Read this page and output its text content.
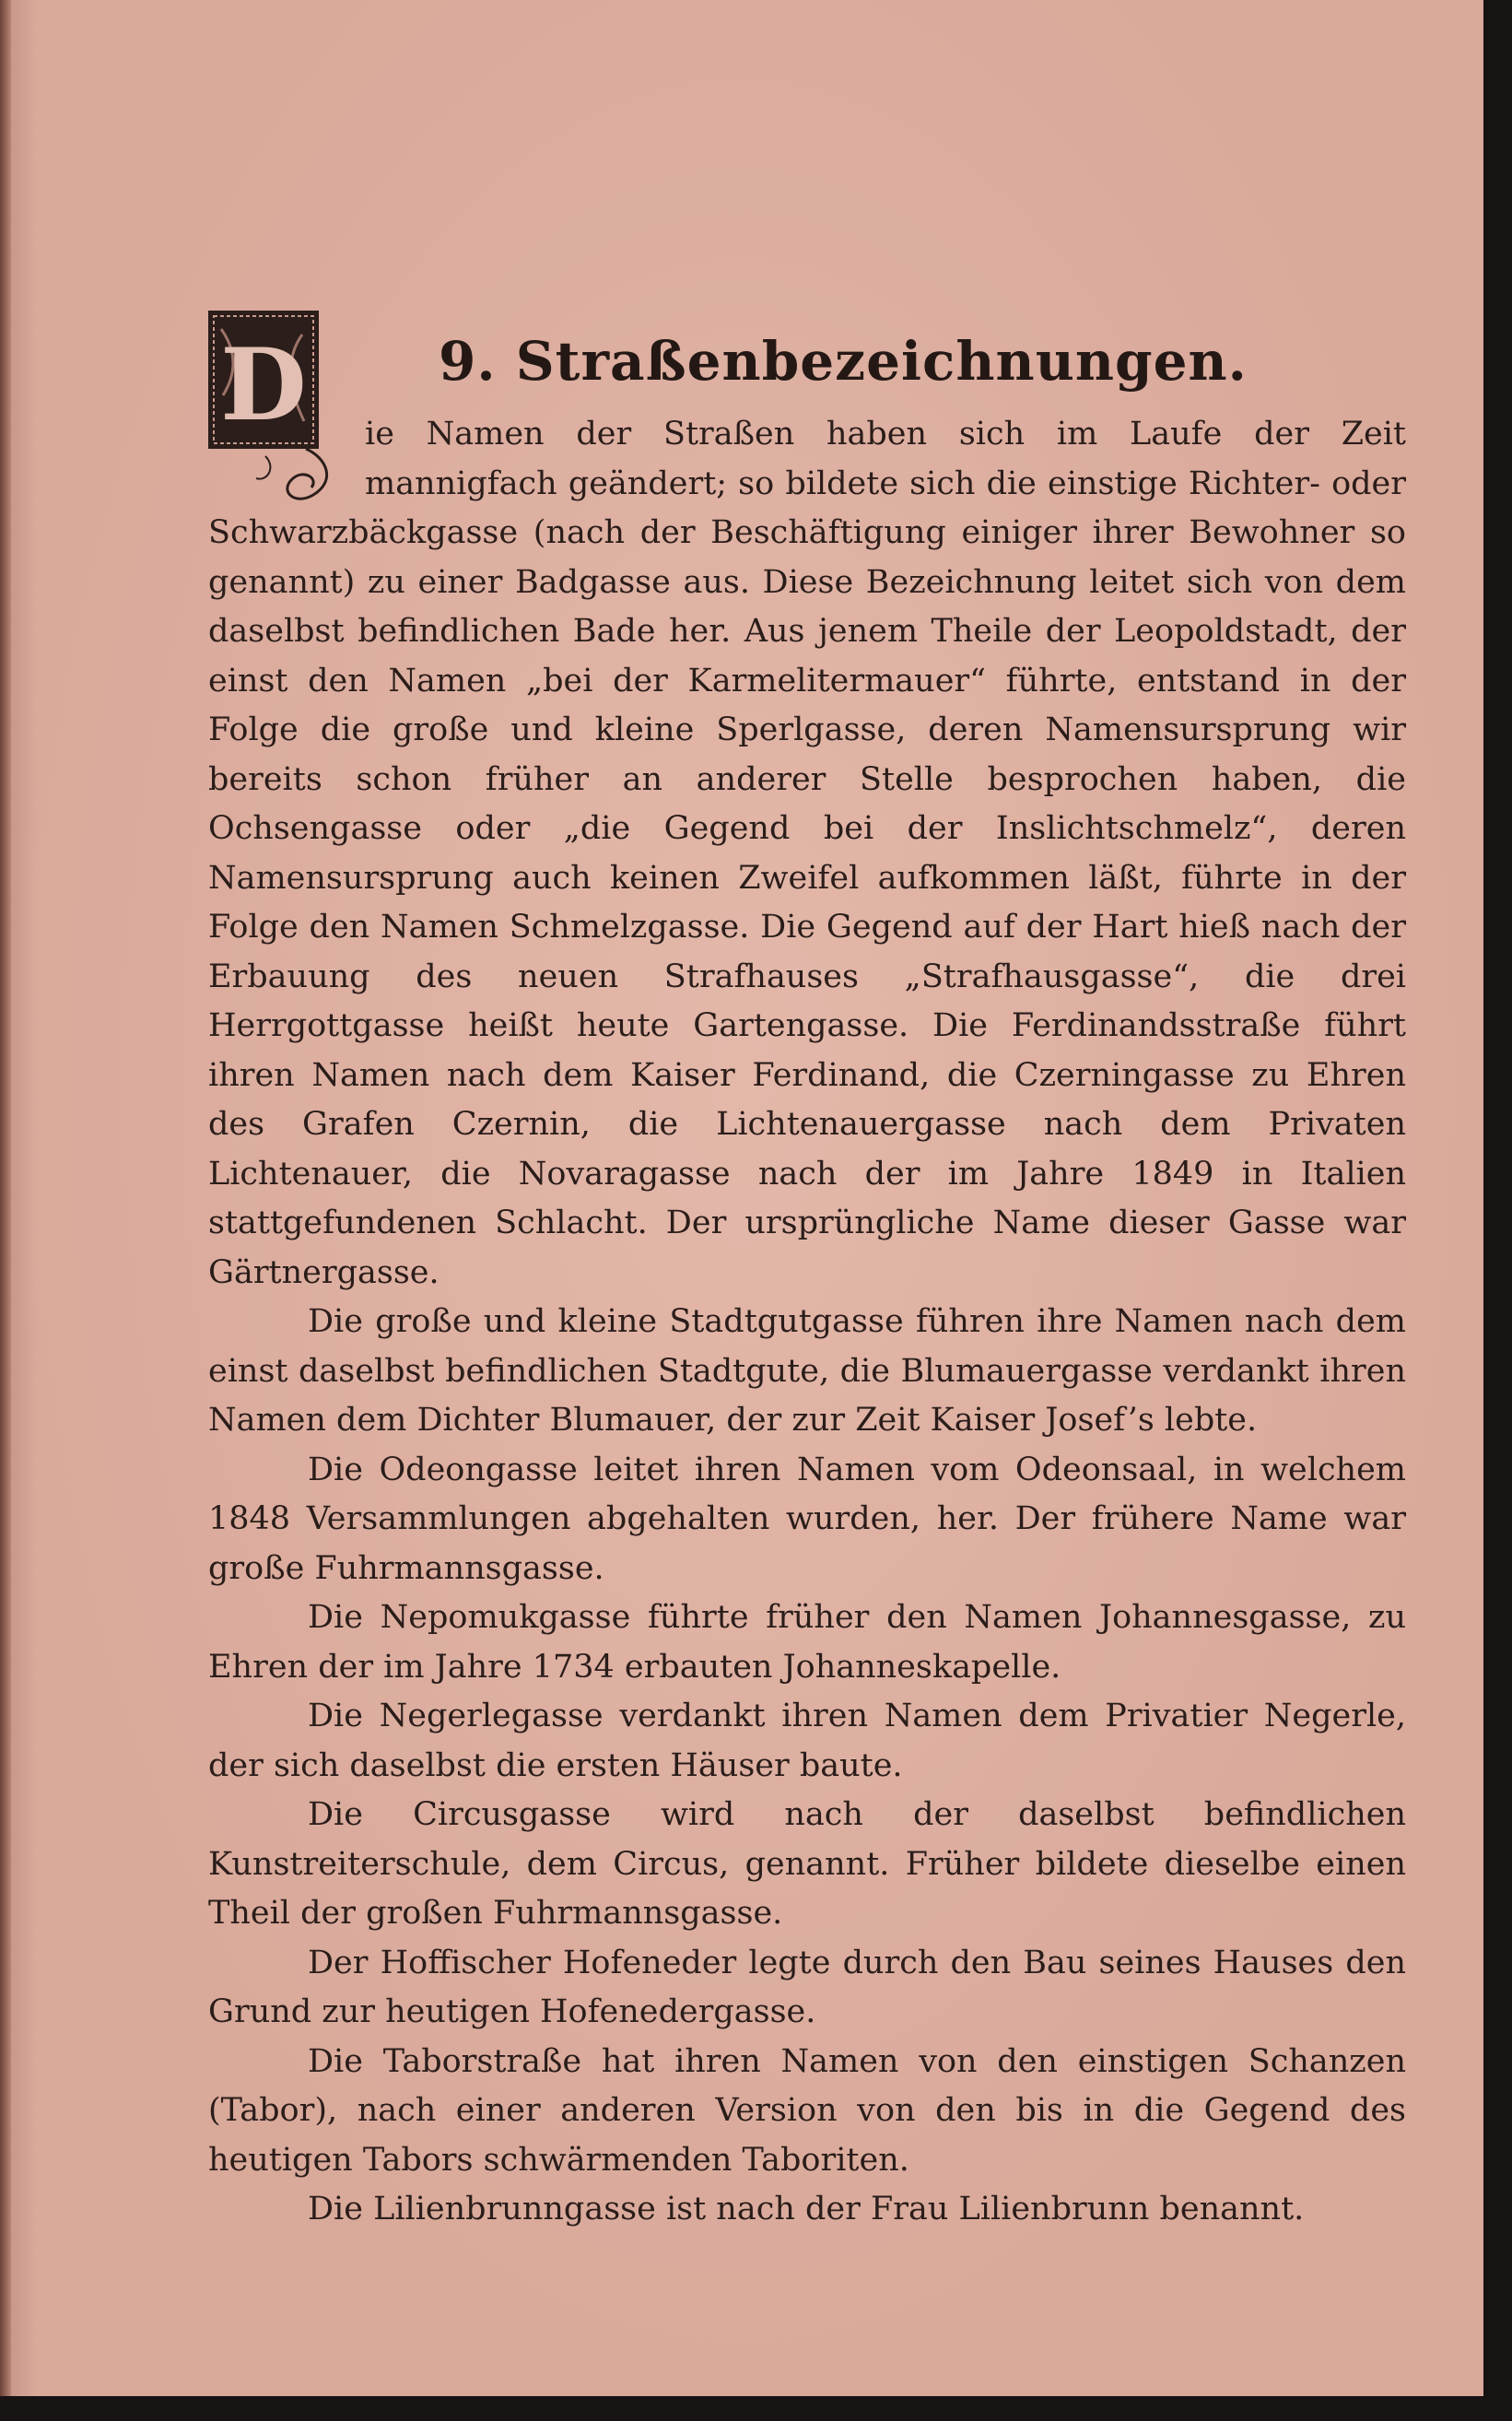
9. Straßenbezeichnungen.

D ie Namen der Straßen haben sich im Laufe der Zeit mannigfach geändert; so bildete sich die einstige Richter- oder Schwarzbäckgasse (nach der Beschäftigung einiger ihrer Bewohner so genannt) zu einer Badgasse aus. Diese Bezeichnung leitet sich von dem daselbst befindlichen Bade her. Aus jenem Theile der Leopoldstadt, der einst den Namen „bei der Karmelitermauer“ führte, entstand in der Folge die große und kleine Sperlgasse, deren Namensursprung wir bereits schon früher an anderer Stelle besprochen haben, die Ochsengasse oder „die Gegend bei der Inslichtschmelz“, deren Namensursprung auch keinen Zweifel aufkommen läßt, führte in der Folge den Namen Schmelzgasse. Die Gegend auf der Hart hieß nach der Erbauung des neuen Strafhauses „Strafhausgasse“, die drei Herrgottgasse heißt heute Gartengasse. Die Ferdinandsstraße führt ihren Namen nach dem Kaiser Ferdinand, die Czerningasse zu Ehren des Grafen Czernin, die Lichtenauergasse nach dem Privaten Lichtenauer, die Novaragasse nach der im Jahre 1849 in Italien stattgefundenen Schlacht. Der ursprüngliche Name dieser Gasse war Gärtnergasse.

Die große und kleine Stadtgutgasse führen ihre Namen nach dem einst daselbst befindlichen Stadtgute, die Blumauergasse verdankt ihren Namen dem Dichter Blumauer, der zur Zeit Kaiser Josef’s lebte.

Die Odeongasse leitet ihren Namen vom Odeonsaal, in welchem 1848 Versammlungen abgehalten wurden, her. Der frühere Name war große Fuhrmannsgasse.

Die Nepomukgasse führte früher den Namen Johannesgasse, zu Ehren der im Jahre 1734 erbauten Johanneskapelle.

Die Negerlegasse verdankt ihren Namen dem Privatier Negerle, der sich daselbst die ersten Häuser baute.

Die Circusgasse wird nach der daselbst befindlichen Kunstreiterschule, dem Circus, genannt. Früher bildete dieselbe einen Theil der großen Fuhrmannsgasse.

Der Hoffischer Hofeneder legte durch den Bau seines Hauses den Grund zur heutigen Hofenedergasse.

Die Taborstraße hat ihren Namen von den einstigen Schanzen (Tabor), nach einer anderen Version von den bis in die Gegend des heutigen Tabors schwärmenden Taboriten.

Die Lilienbrunngasse ist nach der Frau Lilienbrunn benannt.
